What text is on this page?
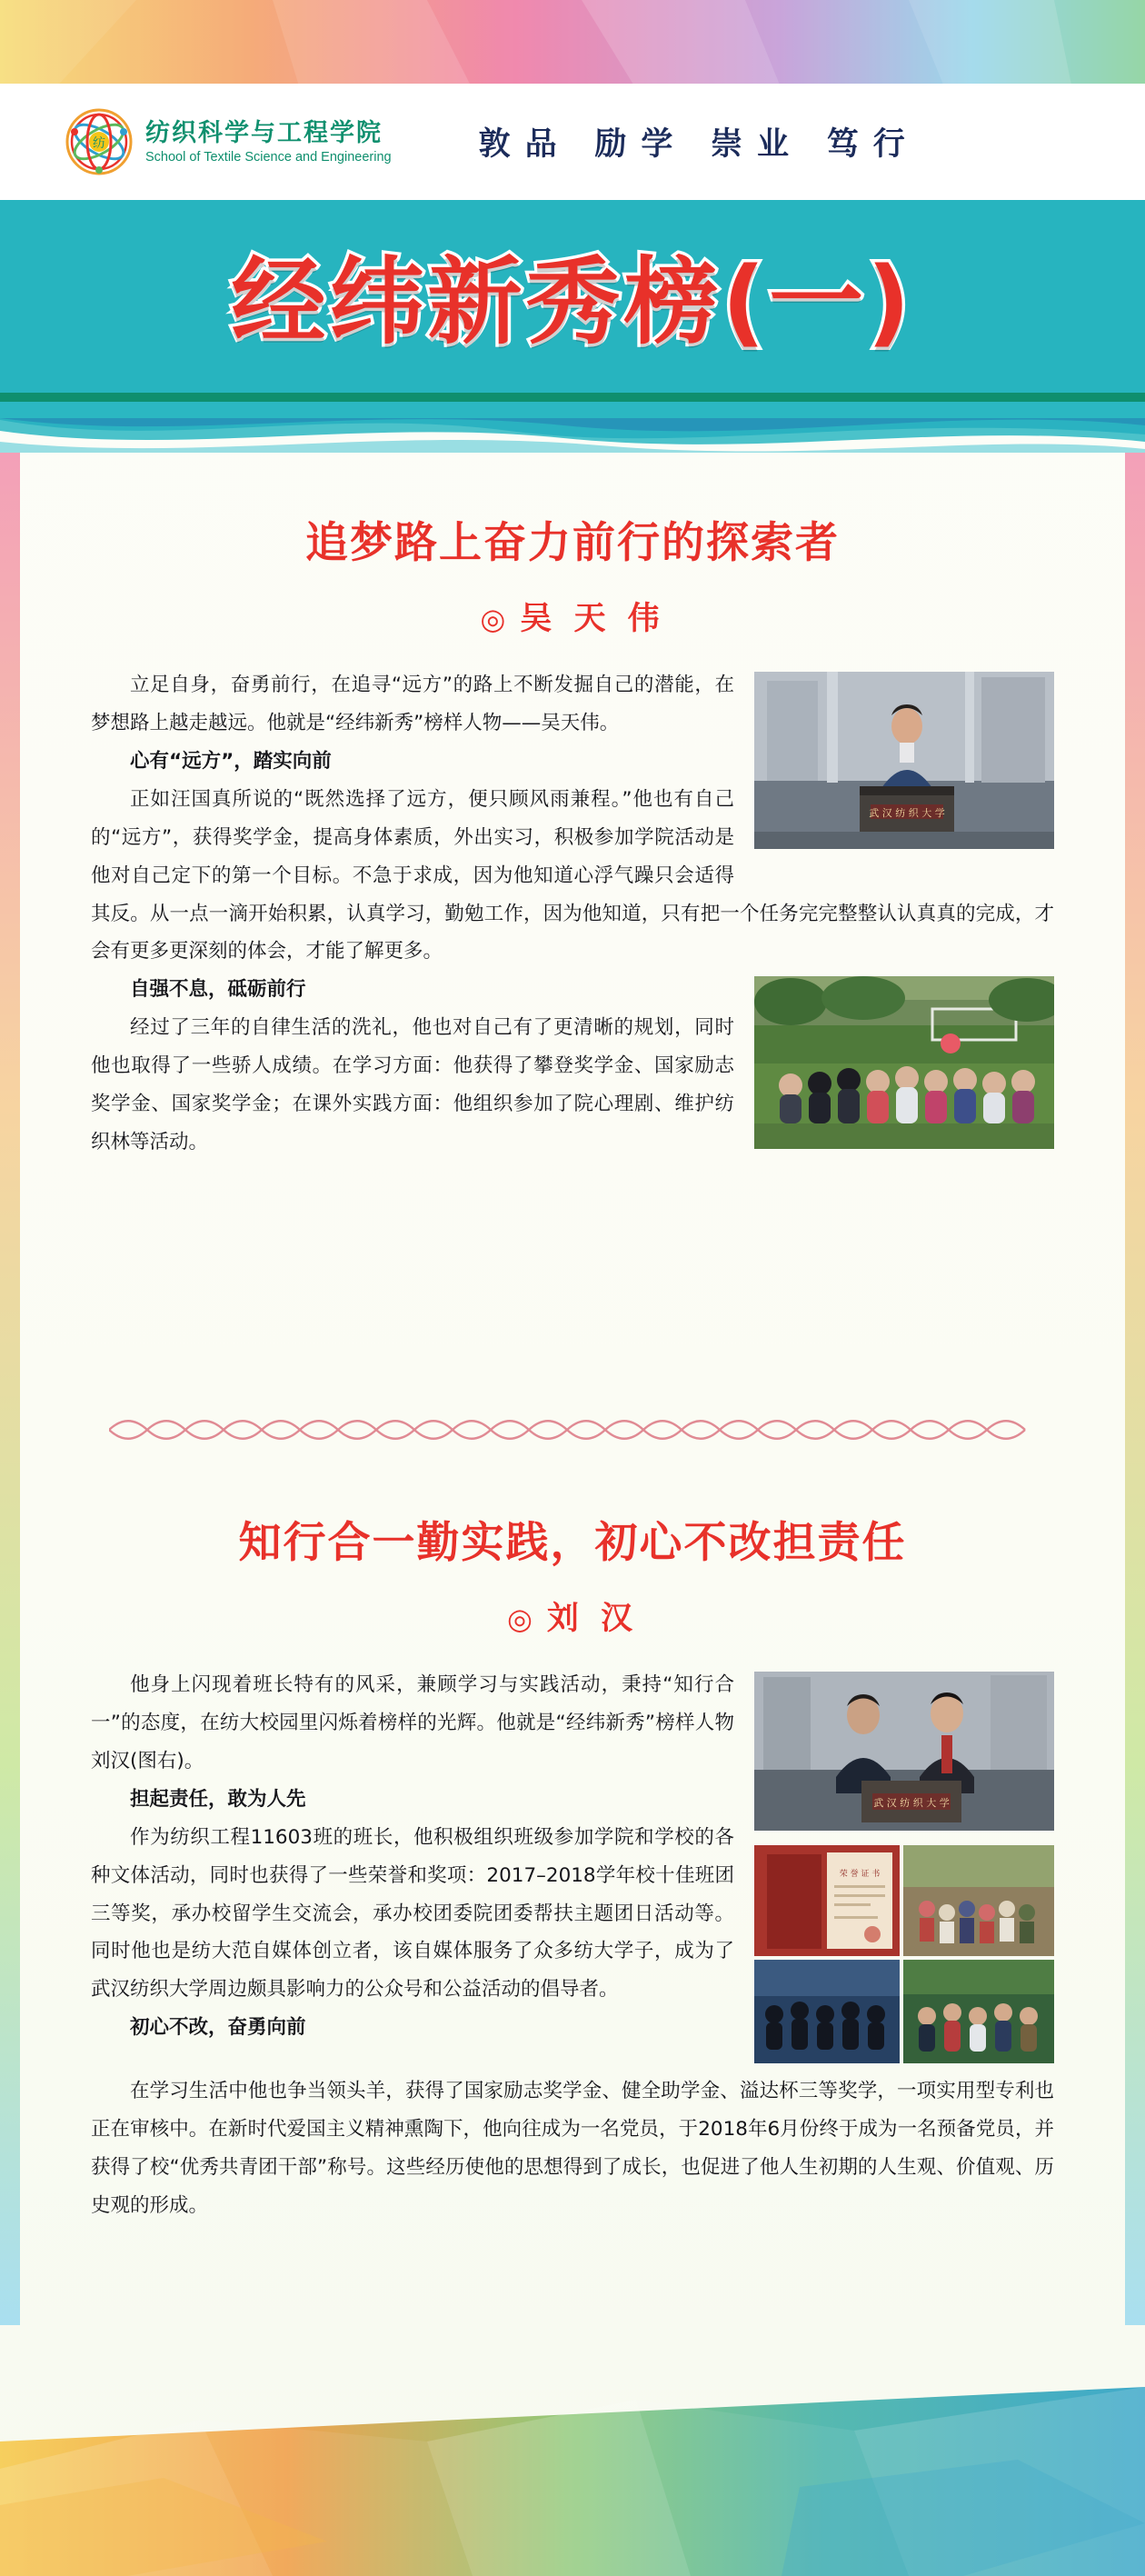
纺 纺织科学与工程学院
School of Textile Science and Engineering	敦品 励学 崇业 笃行
经纬新秀榜(一)
追梦路上奋力前行的探索者
◎ 吴 天 伟
武 汉 纺 织 大 学

立足自身，奋勇前行，在追寻“远方”的路上不断发掘自己的潜能，在梦想路上越走越远。他就是“经纬新秀”榜样人物——吴天伟。

心有“远方”，踏实向前

正如汪国真所说的“既然选择了远方，便只顾风雨兼程。”他也有自己的“远方”，获得奖学金，提高身体素质，外出实习，积极参加学院活动是他对自己定下的第一个目标。不急于求成，因为他知道心浮气躁只会适得其反。从一点一滴开始积累，认真学习，勤勉工作，因为他知道，只有把一个任务完完整整认认真真的完成，才会有更多更深刻的体会，才能了解更多。

自强不息，砥砺前行

经过了三年的自律生活的洗礼，他也对自己有了更清晰的规划，同时他也取得了一些骄人成绩。在学习方面：他获得了攀登奖学金、国家励志奖学金、国家奖学金；在课外实践方面：他组织参加了院心理剧、维护纺织林等活动。

知行合一勤实践，初心不改担责任
◎ 刘 汉
武 汉 纺 织 大 学

他身上闪现着班长特有的风采，兼顾学习与实践活动，秉持“知行合一”的态度，在纺大校园里闪烁着榜样的光辉。他就是“经纬新秀”榜样人物刘汉(图右)。

担起责任，敢为人先

荣 誉 证 书

作为纺织工程11603班的班长，他积极组织班级参加学院和学校的各种文体活动，同时也获得了一些荣誉和奖项：2017–2018学年校十佳班团三等奖，承办校留学生交流会，承办校团委院团委帮扶主题团日活动等。同时他也是纺大范自媒体创立者，该自媒体服务了众多纺大学子，成为了武汉纺织大学周边颇具影响力的公众号和公益活动的倡导者。

初心不改，奋勇向前

在学习生活中他也争当领头羊，获得了国家励志奖学金、健全助学金、溢达杯三等奖学，一项实用型专利也正在审核中。在新时代爱国主义精神熏陶下，他向往成为一名党员，于2018年6月份终于成为一名预备党员，并获得了校“优秀共青团干部”称号。这些经历使他的思想得到了成长，也促进了他人生初期的人生观、价值观、历史观的形成。
